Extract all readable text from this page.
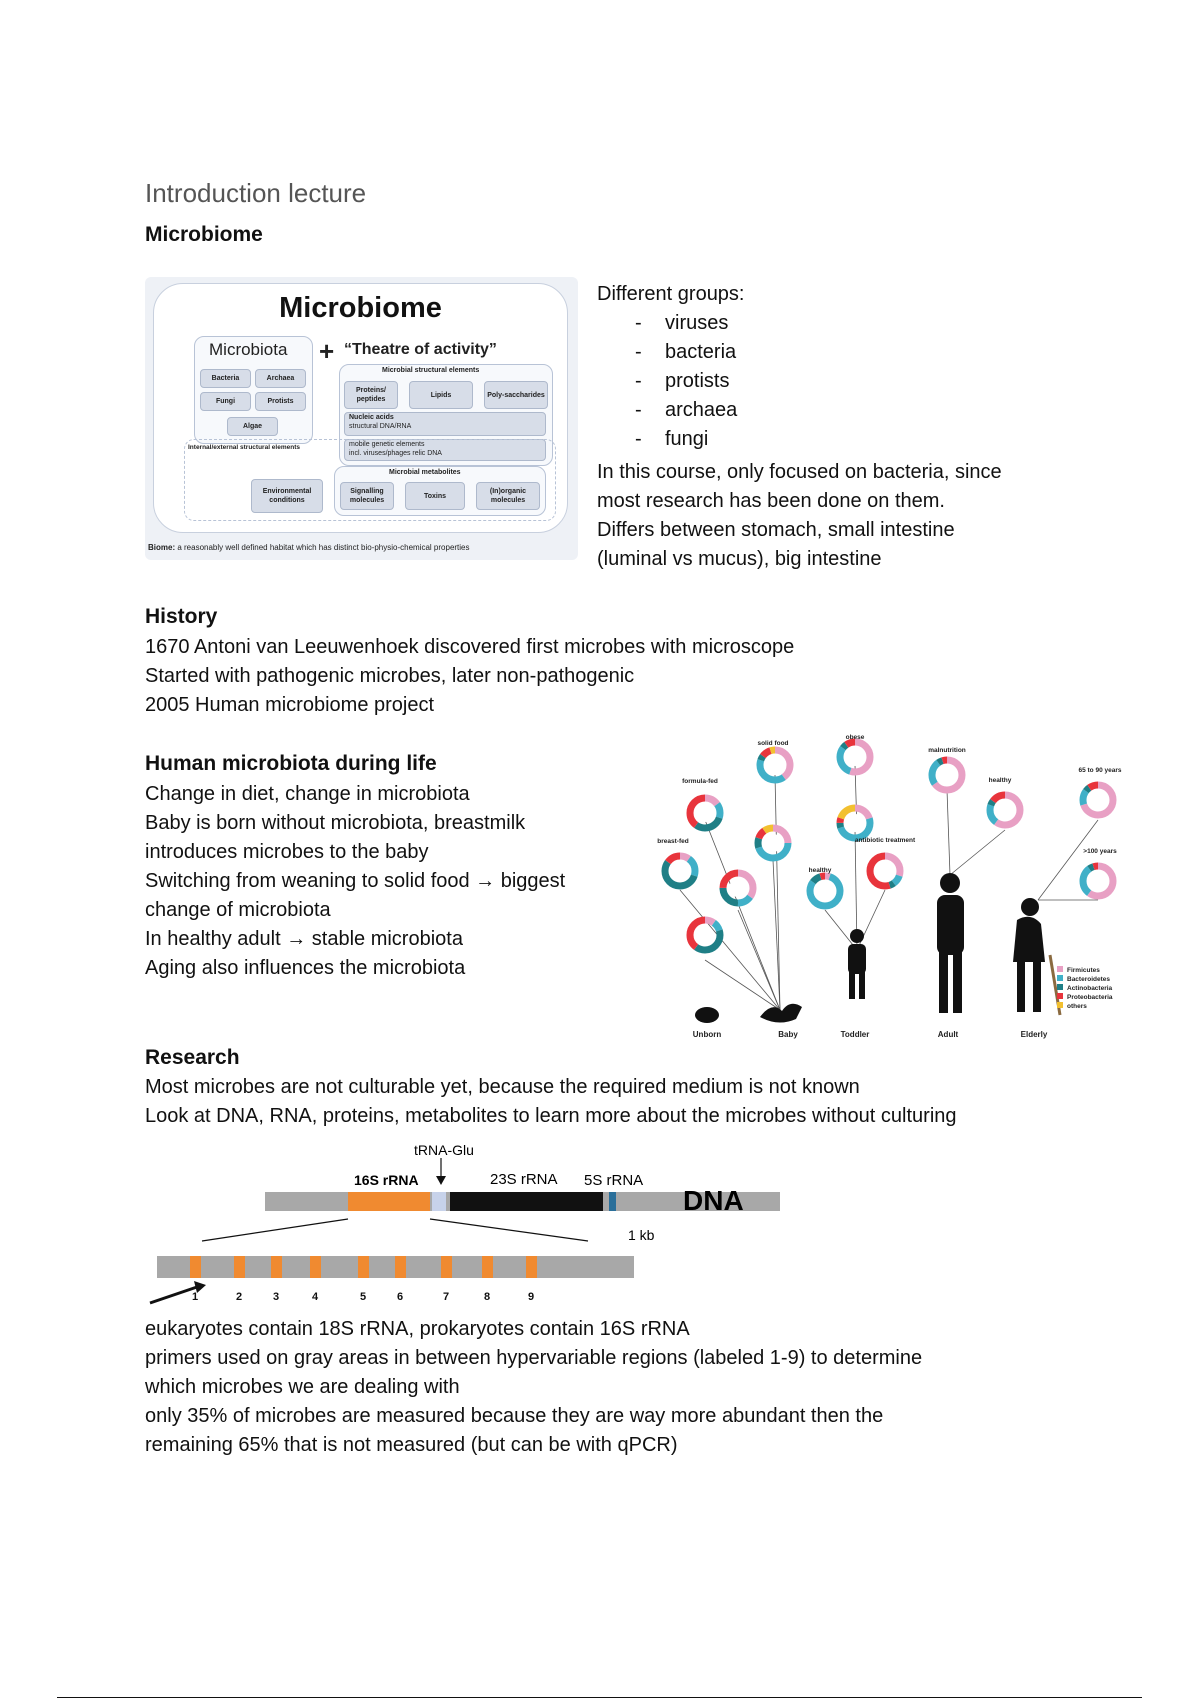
Introduction lecture
Microbiome
Microbiome
Microbiota
Bacteria	Archaea
Fungi	Protists
Algae
+ “Theatre of activity”
Microbial structural elements
Proteins/ peptides
Lipids	Poly-saccharides
Nucleic acids
structural DNA/RNA
mobile genetic elements
incl. viruses/phages relic DNA
Internal/external structural elements
Environmental conditions
Microbial metabolites
Signalling molecules
Toxins
(In)organic molecules
Biome: a reasonably well defined habitat which has distinct bio-physio-chemical properties
Different groups:
-	viruses
-	bacteria
-	protists
-	archaea
-	fungi
In this course, only focused on bacteria, since
most research has been done on them.
Differs between stomach, small intestine
(luminal vs mucus), big intestine
History
1670 Antoni van Leeuwenhoek discovered first microbes with microscope
Started with pathogenic microbes, later non-pathogenic
2005 Human microbiome project
Human microbiota during life
Change in diet, change in microbiota
Baby is born without microbiota, breastmilk
introduces microbes to the baby
Switching from weaning to solid food → biggest
change of microbiota
In healthy adult → stable microbiota
Aging also influences the microbiota
Unborn	Baby	Toddler	Adult	Elderly
breast-fed
formula-fed
solid food
healthy
antibiotic treatment
malnutrition
healthy
obese
65 to 90 years
>100 years
Firmicutes
Bacteroidetes
Actinobacteria
Proteobacteria
others
Research
Most microbes are not culturable yet, because the required medium is not known
Look at DNA, RNA, proteins, metabolites to learn more about the microbes without culturing
tRNA-Glu
16S rRNA	23S rRNA 5S rRNA
DNA
1 kb
1	2	3	4	5	6	7	8	9
eukaryotes contain 18S rRNA, prokaryotes contain 16S rRNA
primers used on gray areas in between hypervariable regions (labeled 1-9) to determine
which microbes we are dealing with
only 35% of microbes are measured because they are way more abundant then the
remaining 65% that is not measured (but can be with qPCR)
